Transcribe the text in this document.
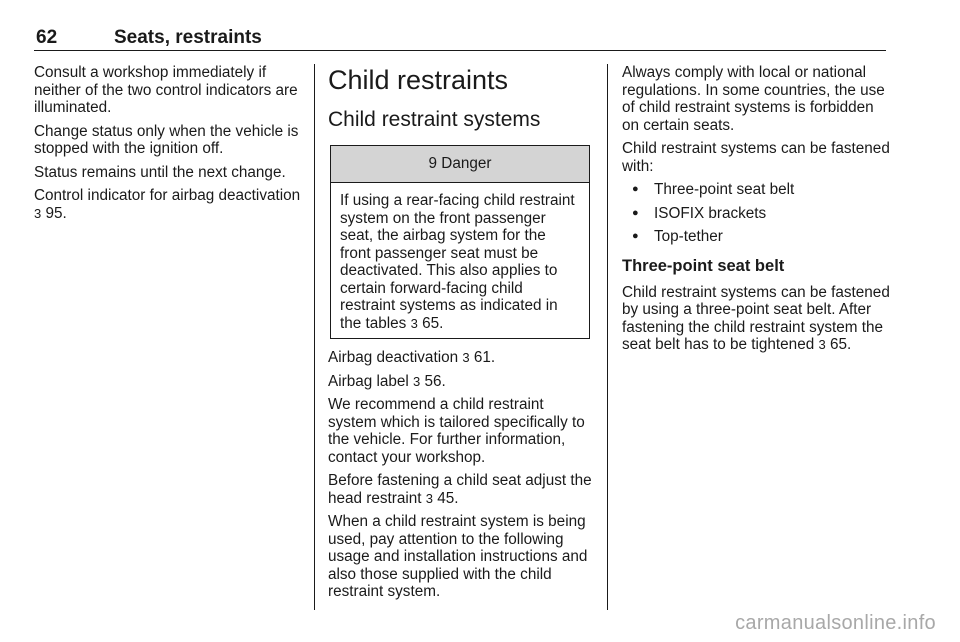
62	Seats, restraints

Consult a workshop immediately if neither of the two control indicators are illuminated.

Change status only when the vehicle is stopped with the ignition off.

Status remains until the next change.

Control indicator for airbag deactivation 3 95.

Child restraints
Child restraint systems
9 Danger
If using a rear-facing child restraint system on the front passenger seat, the airbag system for the front passenger seat must be deactivated. This also applies to certain forward-facing child restraint systems as indicated in the tables 3 65.

Airbag deactivation 3 61.

Airbag label 3 56.

We recommend a child restraint system which is tailored specifically to the vehicle. For further information, contact your workshop.

Before fastening a child seat adjust the head restraint 3 45.

When a child restraint system is being used, pay attention to the following usage and installation instructions and also those supplied with the child restraint system.

Always comply with local or national regulations. In some countries, the use of child restraint systems is forbidden on certain seats.

Child restraint systems can be fastened with:

● Three-point seat belt
● ISOFIX brackets
● Top-tether
Three-point seat belt

Child restraint systems can be fastened by using a three-point seat belt. After fastening the child restraint system the seat belt has to be tightened 3 65.

carmanualsonline.info
